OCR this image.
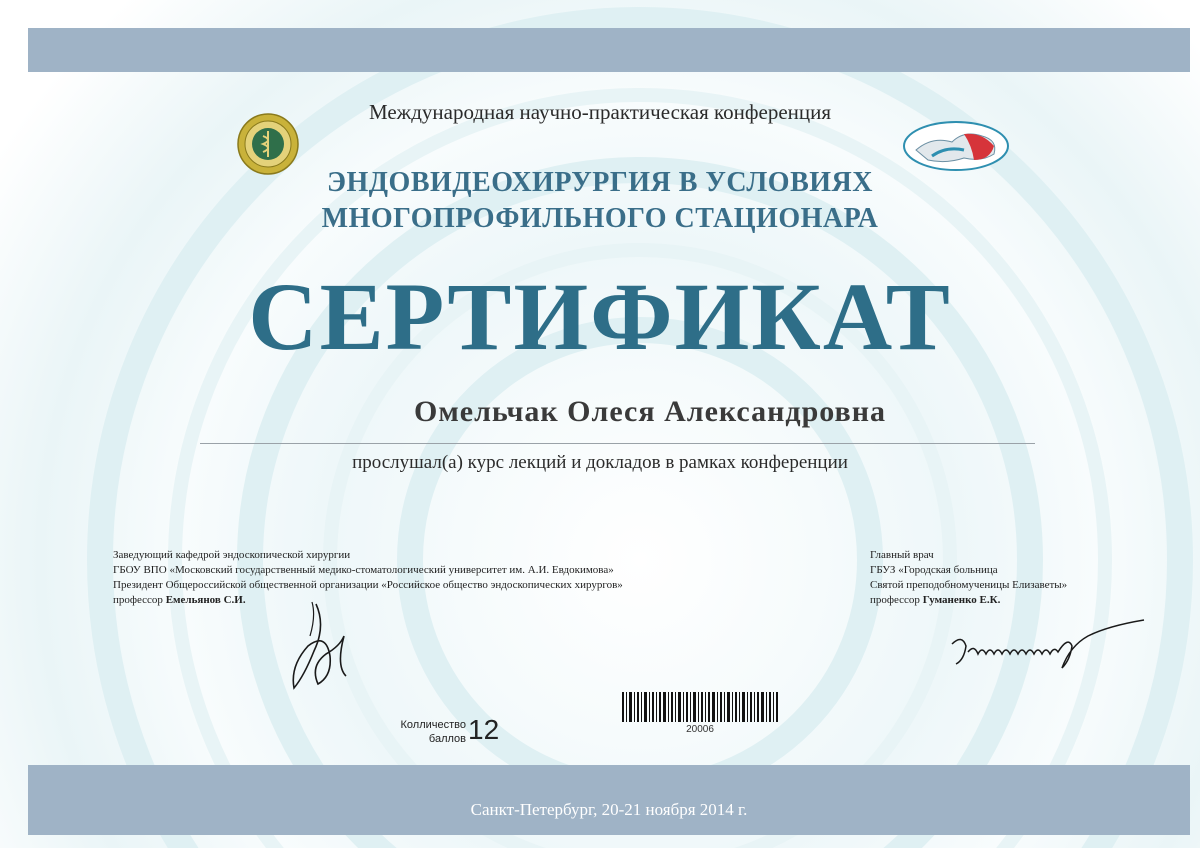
Международная научно-практическая конференция
ЭНДОВИДЕОХИРУРГИЯ В УСЛОВИЯХ
МНОГОПРОФИЛЬНОГО СТАЦИОНАРА
СЕРТИФИКАТ
Омельчак Олеся Александровна
прослушал(а) курс лекций и докладов в рамках конференции
Заведующий кафедрой эндоскопической хирургии
ГБОУ ВПО «Московский государственный медико-стоматологический университет им. А.И. Евдокимова»
Президент Общероссийской общественной организации «Российское общество эндоскопических хирургов»
профессор Емельянов С.И.
Главный врач
ГБУЗ «Городская больница
Святой преподобномученицы Елизаветы»
профессор Гуманенко Е.К.
Колличество
баллов 12	20006
Санкт-Петербург, 20-21 ноября 2014 г.
